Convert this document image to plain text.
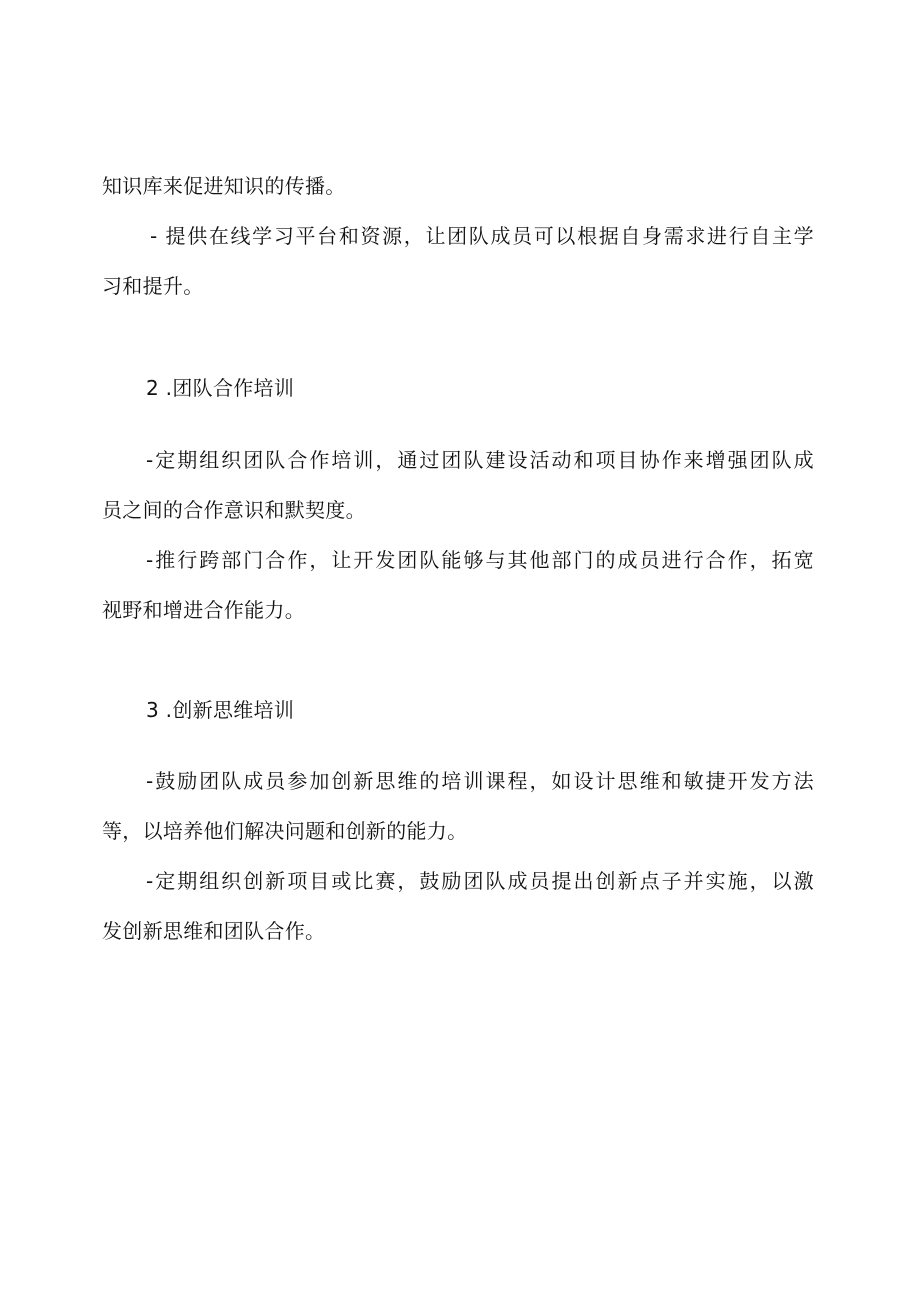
知识库来促进知识的传播。
- 提供在线学习平台和资源，让团队成员可以根据自身需求进行自主学
习和提升。
2 .团队合作培训
-定期组织团队合作培训，通过团队建设活动和项目协作来增强团队成
员之间的合作意识和默契度。
-推行跨部门合作，让开发团队能够与其他部门的成员进行合作，拓宽
视野和增进合作能力。
3 .创新思维培训
-鼓励团队成员参加创新思维的培训课程，如设计思维和敏捷开发方法
等，以培养他们解决问题和创新的能力。
-定期组织创新项目或比赛，鼓励团队成员提出创新点子并实施，以激
发创新思维和团队合作。
